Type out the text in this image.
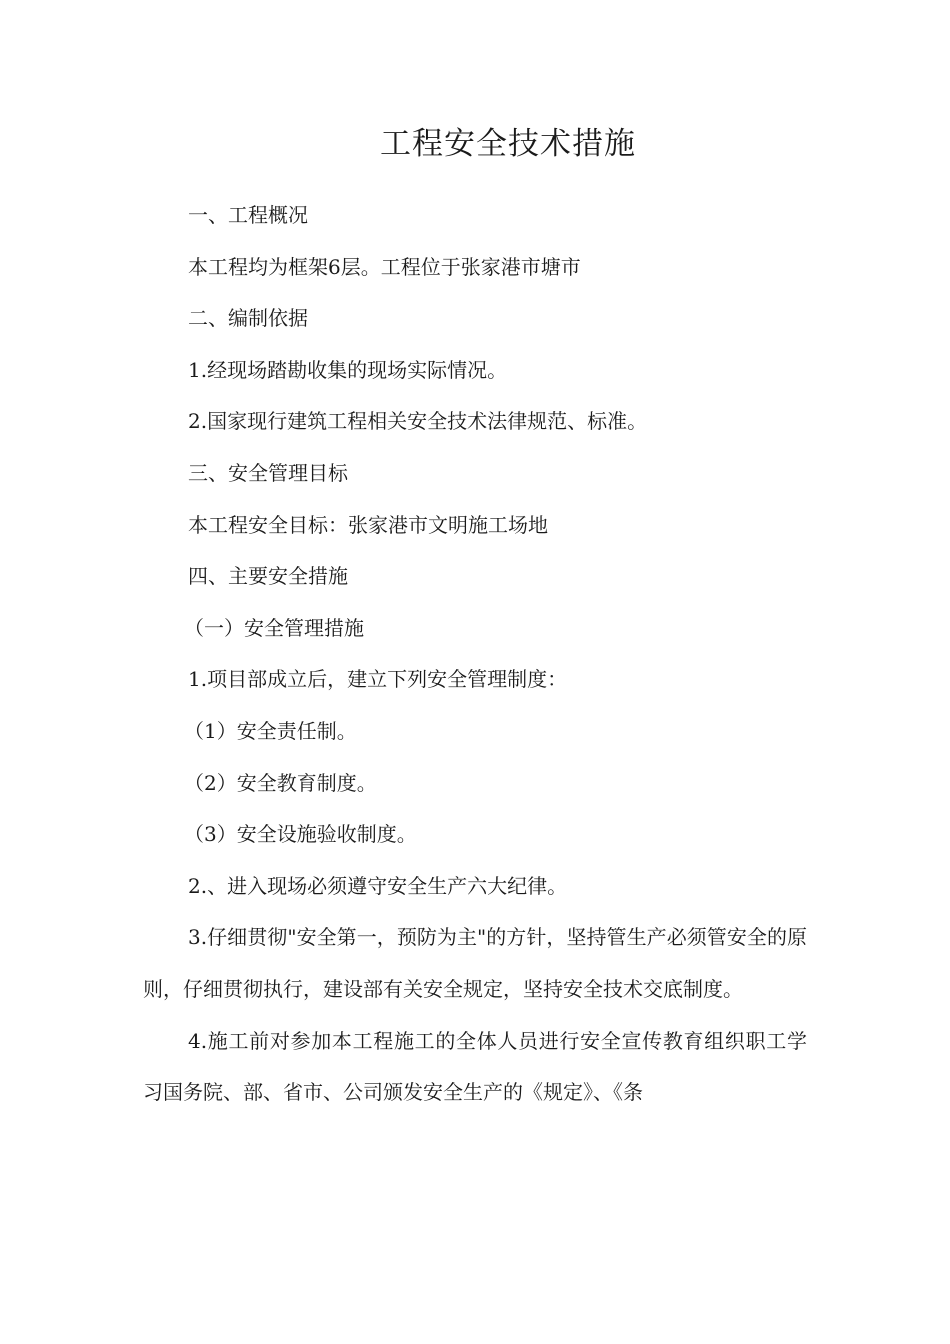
工程安全技术措施

一、工程概况

本工程均为框架6层。工程位于张家港市塘市

二、编制依据

1.经现场踏勘收集的现场实际情况。

2.国家现行建筑工程相关安全技术法律规范、标准。

三、安全管理目标

本工程安全目标：张家港市文明施工场地

四、主要安全措施

（一）安全管理措施

1.项目部成立后，建立下列安全管理制度：

（1）安全责任制。

（2）安全教育制度。

（3）安全设施验收制度。

2.、进入现场必须遵守安全生产六大纪律。

3.仔细贯彻"安全第一，预防为主"的方针，坚持管生产必须管安全的原则，仔细贯彻执行，建设部有关安全规定，坚持安全技术交底制度。

4.施工前对参加本工程施工的全体人员进行安全宣传教育组织职工学习国务院、部、省市、公司颁发安全生产的《规定》、《条
